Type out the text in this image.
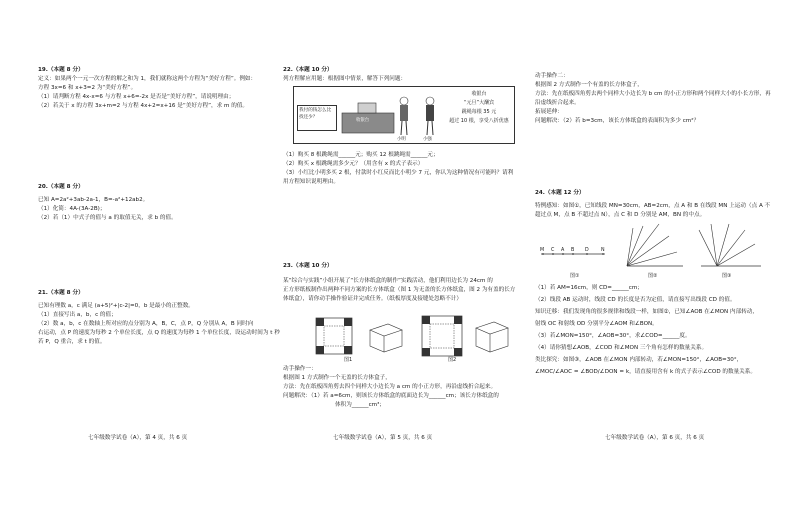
19.（本题 8 分）

定义：如果两个一元一次方程的解之和为 1，我们就称这两个方程为“美好方程”。例如：

方程 3x=6 和 x+3=2 为“美好方程”。

（1）请判断方程 4x-x=6 与方程 x+6=-2x 是否是“美好方程”，请说明理由；

（2）若关于 x 的方程 3x+m=2 与方程 4x+2=x+16 是“美好方程”，求 m 的值。

20.（本题 8 分）

已知 A=2a²+3ab-2a-1，B=-a²+12ab2。

（1）化简：4A-(3A-2B)；

（2）若（1）中式子的值与 a 的取值无关，求 b 的值。

21.（本题 8 分）

已知有理数 a，c 满足 (a+5)²+|c-2|=0，b 是最小的正整数。

（1）直接写出 a，b，c 的值；

（2）数 a，b，c 在数轴上所对应的点分别为 A，B，C，点 P，Q 分别从 A，B 同时向

右运动，点 P 的速度为每秒 2 个单位长度，点 Q 的速度为每秒 1 个单位长度，设运动时间为 t 秒

若 P，Q 重合，求 t 的值。

七年级数学试卷（A），第 4 页，共 6 页

22.（本题 10 分）

列方程解应用题：根据图中情景，解答下列问题：

我付的钱怎么比找还少？
收银台
小明	小强
收银台
“元旦”大酬宾
跳绳每根 35 元
超过 10 根，享受八折优惠

（1）购买 8 根跳绳需______元；购买 12 根跳绳需______元；

（2）购买 x 根跳绳需多少元？（用含有 x 的式子表示）

（3）小红比小明多买 2 根，付款时小红反而比小明少 7 元，你认为这种情况有可能吗？请利

用方程知识说明理由。

23.（本题 10 分）

某“综合与实践”小组开展了“长方体纸盒的制作”实践活动，他们利用边长为 24cm 的

正方形纸板制作出两种不同方案的长方体纸盒（图 1 为无盖的长方体纸盒，图 2 为有盖的长方

体纸盒），请你动手操作验证并完成任务。（纸板厚度及接缝处忽略不计）

图1	图2

动手操作一：

根据图 1 方式制作一个无盖的长方体盒子，

方法：先在纸板四角剪去四个同样大小边长为 a cm 的小正方形，再沿虚线折合起来。

问题解决：（1）若 a=6cm，则该长方体纸盒的底面边长为______cm；该长方体纸盒的

体积为______cm³；

七年级数学试卷（A），第 5 页，共 6 页

动手操作二：

根据图 2 方式制作一个有盖的长方体盒子，

方法：先在纸板四角剪去两个同样大小边长为 b cm 的小正方形和两个同样大小的小长方形，再

沿虚线折合起来。

拓展延伸：

问题解决：（2）若 b=3cm，该长方体纸盒的表面积为多少 cm²？

24.（本题 12 分）

特例感知：如图①，已知线段 MN=30cm，AB=2cm，点 A 和 B 在线段 MN 上运动（点 A 不

超过点 M，点 B 不超过点 N），点 C 和 D 分别是 AM，BN 的中点。

M C A B D	N
图①	图②	图③

（1）若 AM=16cm，则 CD=______cm；

（2）线段 AB 运动时，线段 CD 的长度是否为定值，请直接写出线段 CD 的值。

知识迁移：我们发现角的很多规律和线段一样，如图②，已知∠AOB 在∠MON 内部转动，

射线 OC 和射线 OD 分别平分∠AOM 和∠BON。

（3）若∠MON=150°，∠AOB=30°，求∠COD=______度。

（4）请你猜想∠AOB，∠COD 和∠MON 三个角有怎样的数量关系。

类比探究：如图③，∠AOB 在∠MON 内部转动，若∠MON=150°，∠AOB=30°，

∠MOC/∠AOC = ∠BOD/∠DON = k，请直接用含有 k 的式子表示∠COD 的数量关系。

七年级数学试卷（A），第 6 页，共 6 页
